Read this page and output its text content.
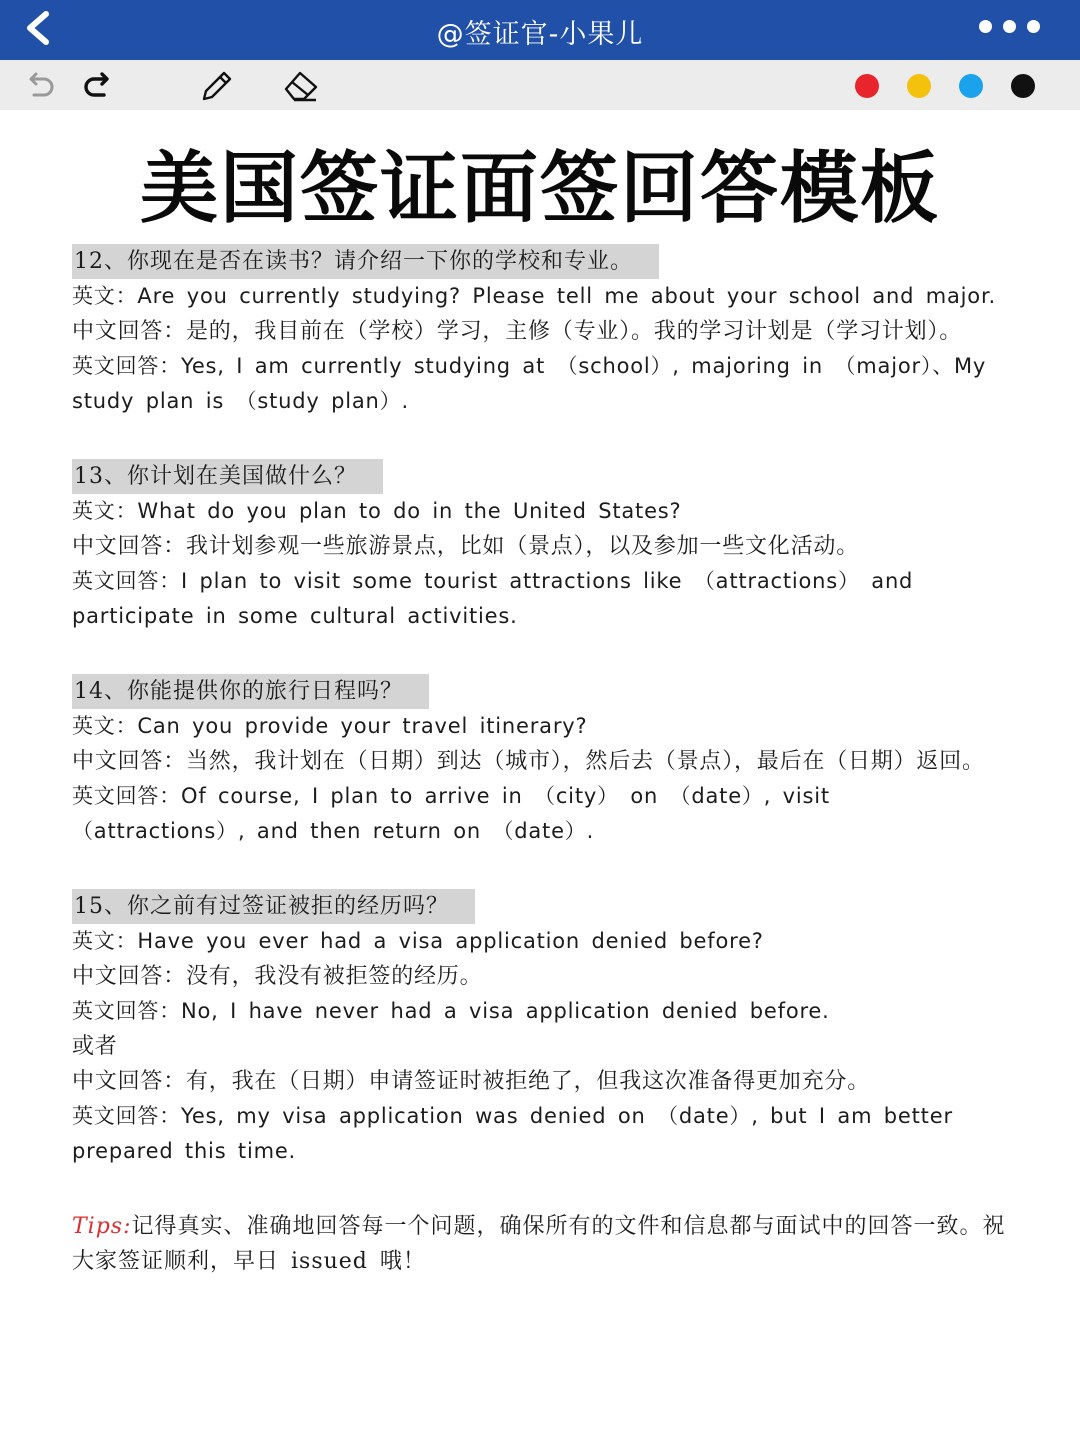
@签证官-小果儿
美国签证面签回答模板
12、你现在是否在读书？请介绍一下你的学校和专业。

英文：Are you currently studying? Please tell me about your school and major.

中文回答：是的，我目前在（学校）学习，主修（专业）。我的学习计划是（学习计划）。

英文回答：Yes, I am currently studying at （school）, majoring in （major）、My study plan is （study plan）.

13、你计划在美国做什么？

英文：What do you plan to do in the United States?

中文回答：我计划参观一些旅游景点，比如（景点），以及参加一些文化活动。

英文回答：I plan to visit some tourist attractions like （attractions） and participate in some cultural activities.

14、你能提供你的旅行日程吗？

英文：Can you provide your travel itinerary?

中文回答：当然，我计划在（日期）到达（城市），然后去（景点），最后在（日期）返回。

英文回答：Of course, I plan to arrive in （city） on （date）, visit （attractions）, and then return on （date）.

15、你之前有过签证被拒的经历吗？

英文：Have you ever had a visa application denied before?

中文回答：没有，我没有被拒签的经历。

英文回答：No, I have never had a visa application denied before.

或者

中文回答：有，我在（日期）申请签证时被拒绝了，但我这次准备得更加充分。

英文回答：Yes, my visa application was denied on （date）, but I am better prepared this time.

Tips:记得真实、准确地回答每一个问题，确保所有的文件和信息都与面试中的回答一致。祝大家签证顺利，早日 issued 哦！
